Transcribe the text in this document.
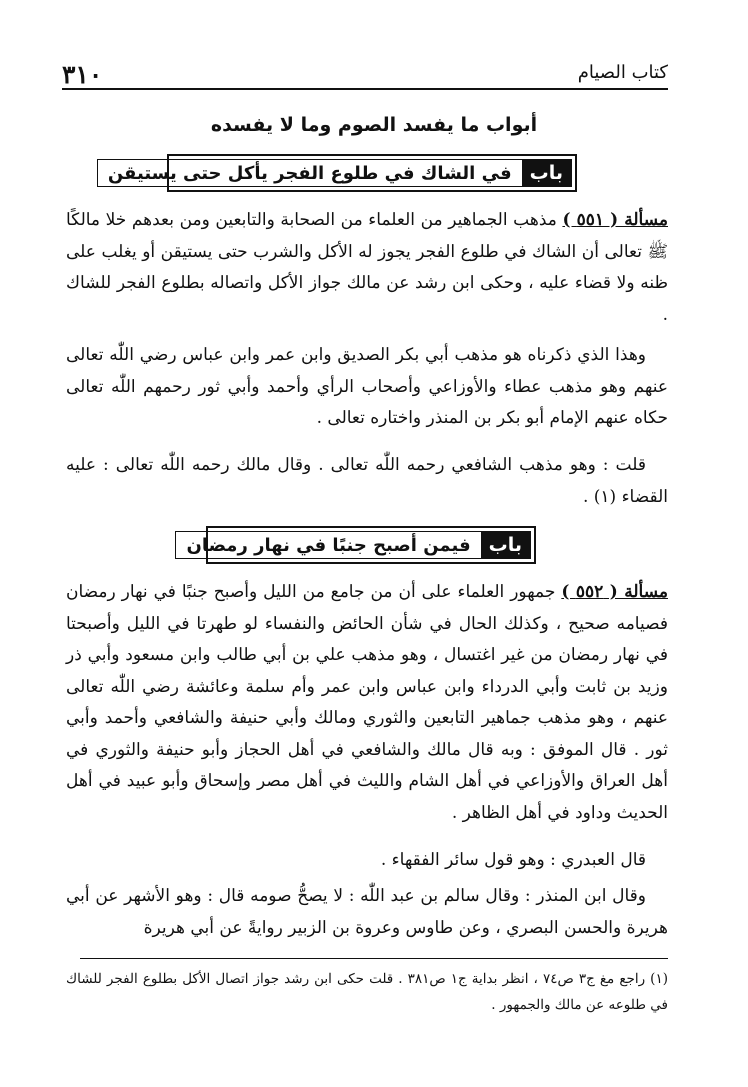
٣١٠	كتاب الصيام
أبواب ما يفسد الصوم وما لا يفسده
باب
في الشاك في طلوع الفجر يأكل حتى يستيقن
مسألة ( ٥٥١ ) مذهب الجماهير من العلماء من الصحابة والتابعين ومن بعدهم خلا مالكًا ﷺ تعالى أن الشاك في طلوع الفجر يجوز له الأكل والشرب حتى يستيقن أو يغلب على ظنه ولا قضاء عليه ، وحكى ابن رشد عن مالك جواز الأكل واتصاله بطلوع الفجر للشاك .
وهذا الذي ذكرناه هو مذهب أبي بكر الصديق وابن عمر وابن عباس رضي اللّٰه تعالى عنهم وهو مذهب عطاء والأوزاعي وأصحاب الرأي وأحمد وأبي ثور رحمهم اللّٰه تعالى حكاه عنهم الإمام أبو بكر بن المنذر واختاره تعالى .
قلت : وهو مذهب الشافعي رحمه اللّٰه تعالى . وقال مالك رحمه اللّٰه تعالى : عليه القضاء (١) .
باب
فيمن أصبح جنبًا في نهار رمضان
مسألة ( ٥٥٢ ) جمهور العلماء على أن من جامع من الليل وأصبح جنبًا في نهار رمضان فصيامه صحيح ، وكذلك الحال في شأن الحائض والنفساء لو طهرتا في الليل وأصبحتا في نهار رمضان من غير اغتسال ، وهو مذهب علي بن أبي طالب وابن مسعود وأبي ذر وزيد بن ثابت وأبي الدرداء وابن عباس وابن عمر وأم سلمة وعائشة رضي اللّٰه تعالى عنهم ، وهو مذهب جماهير التابعين والثوري ومالك وأبي حنيفة والشافعي وأحمد وأبي ثور . قال الموفق : وبه قال مالك والشافعي في أهل الحجاز وأبو حنيفة والثوري في أهل العراق والأوزاعي في أهل الشام والليث في أهل مصر وإسحاق وأبو عبيد في أهل الحديث وداود في أهل الظاهر .
قال العبدري : وهو قول سائر الفقهاء .
وقال ابن المنذر : وقال سالم بن عبد اللّٰه : لا يصحُّ صومه قال : وهو الأشهر عن أبي هريرة والحسن البصري ، وعن طاوس وعروة بن الزبير روايةً عن أبي هريرة
(١) راجع مغ ج٣ ص٧٤ ، انظر بداية ج١ ص٣٨١ . قلت حكى ابن رشد جواز اتصال الأكل بطلوع الفجر للشاك في طلوعه عن مالك والجمهور .
